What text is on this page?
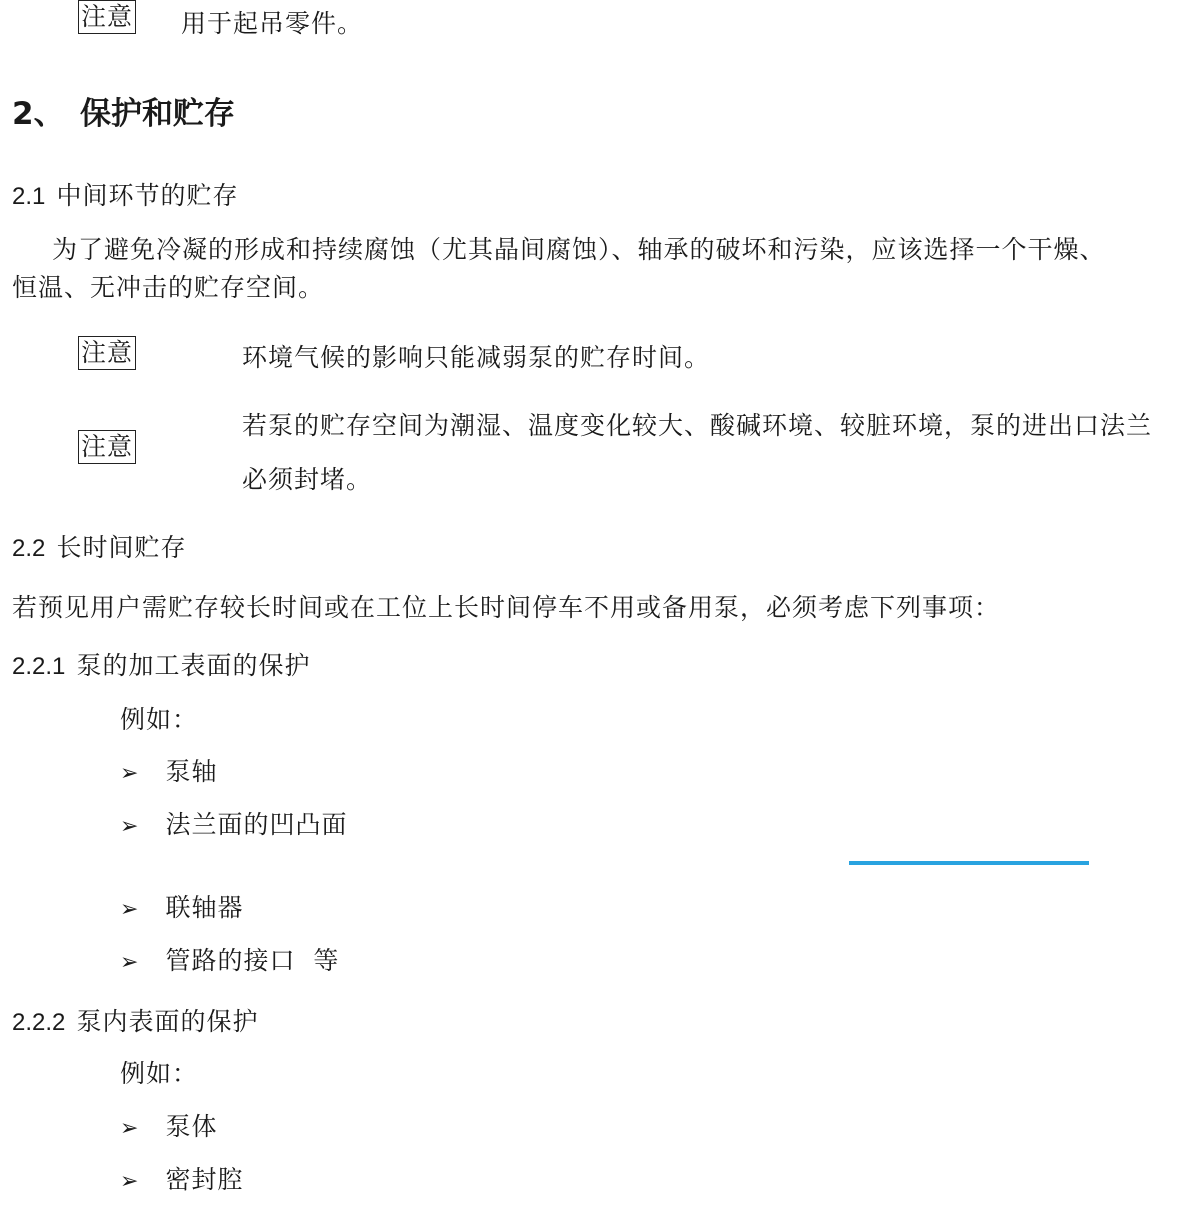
注意 用于起吊零件。
2、 保护和贮存
2.1 中间环节的贮存
为了避免冷凝的形成和持续腐蚀（尤其晶间腐蚀）、轴承的破坏和污染，应该选择一个干燥、
恒温、无冲击的贮存空间。
注意	环境气候的影响只能减弱泵的贮存时间。
注意
若泵的贮存空间为潮湿、温度变化较大、酸碱环境、较脏环境，泵的进出口法兰
必须封堵。
2.2 长时间贮存
若预见用户需贮存较长时间或在工位上长时间停车不用或备用泵，必须考虑下列事项：
2.2.1 泵的加工表面的保护
例如：
➢ 泵轴
➢ 法兰面的凹凸面
➢ 联轴器
➢ 管路的接口  等
2.2.2 泵内表面的保护
例如：
➢ 泵体
➢ 密封腔
